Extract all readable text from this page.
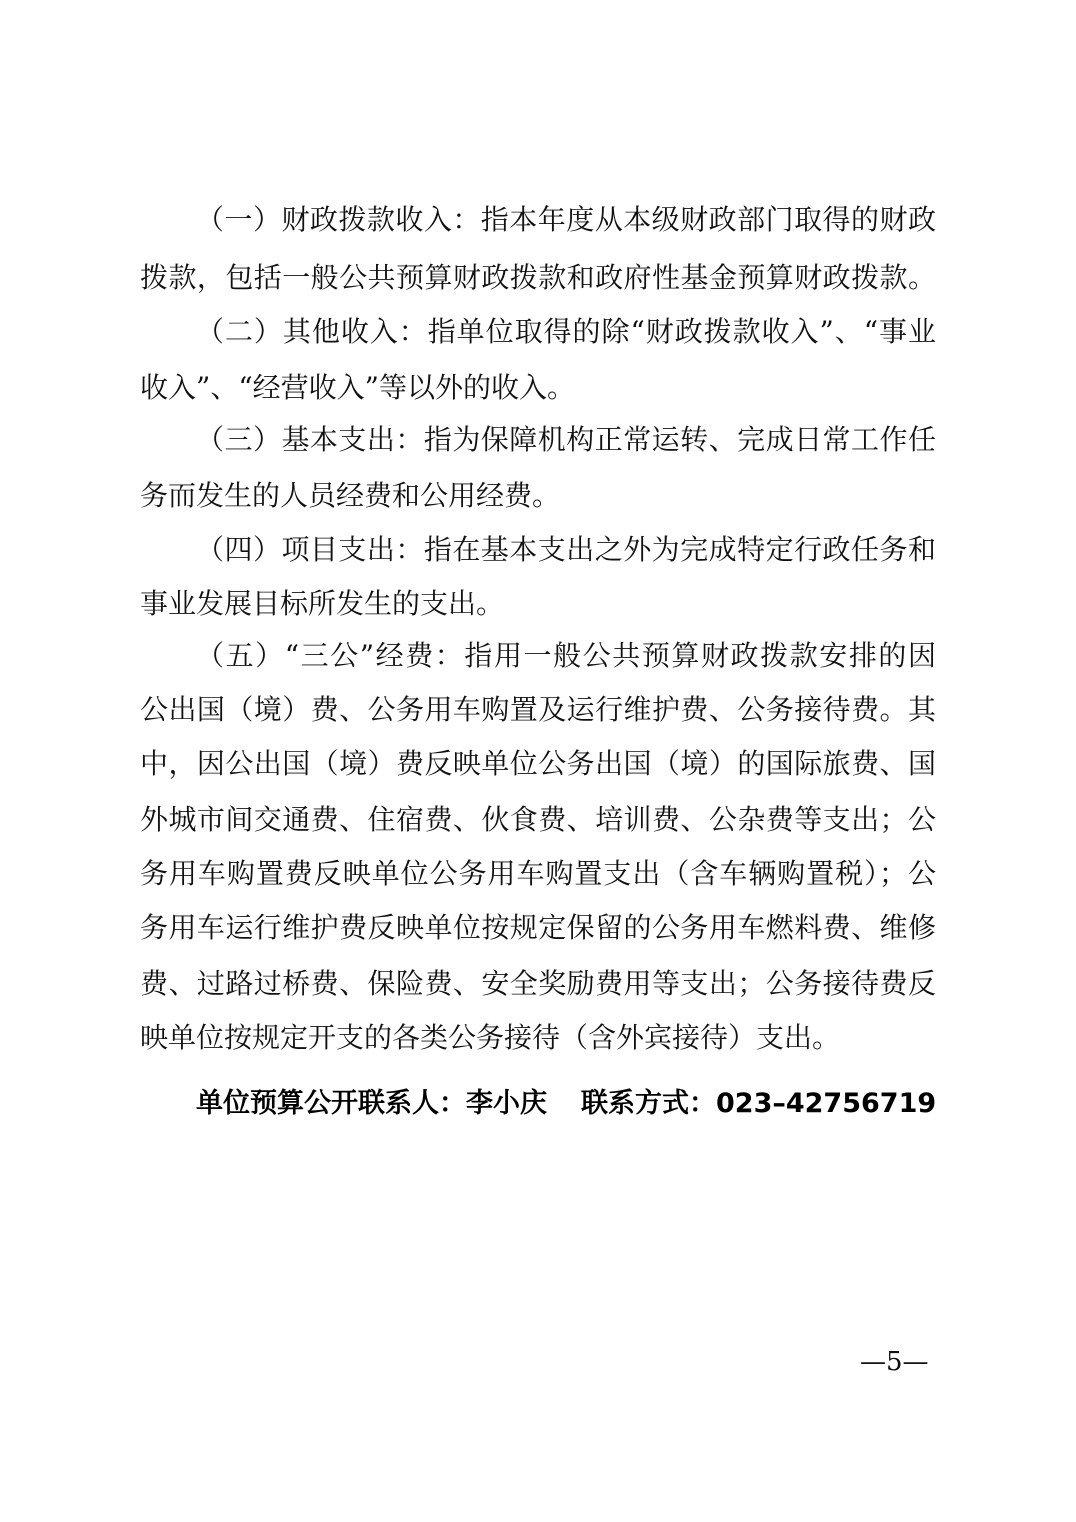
（一）财政拨款收入：指本年度从本级财政部门取得的财政
拨款，包括一般公共预算财政拨款和政府性基金预算财政拨款。
（二）其他收入：指单位取得的除“财政拨款收入”、“事业
收入”、“经营收入”等以外的收入。
（三）基本支出：指为保障机构正常运转、完成日常工作任
务而发生的人员经费和公用经费。
（四）项目支出：指在基本支出之外为完成特定行政任务和
事业发展目标所发生的支出。
（五）“三公”经费：指用一般公共预算财政拨款安排的因
公出国（境）费、公务用车购置及运行维护费、公务接待费。其
中，因公出国（境）费反映单位公务出国（境）的国际旅费、国
外城市间交通费、住宿费、伙食费、培训费、公杂费等支出；公
务用车购置费反映单位公务用车购置支出（含车辆购置税）；公
务用车运行维护费反映单位按规定保留的公务用车燃料费、维修
费、过路过桥费、保险费、安全奖励费用等支出；公务接待费反
映单位按规定开支的各类公务接待（含外宾接待）支出。
单位预算公开联系人：李小庆 联系方式：023–42756719
—5—
